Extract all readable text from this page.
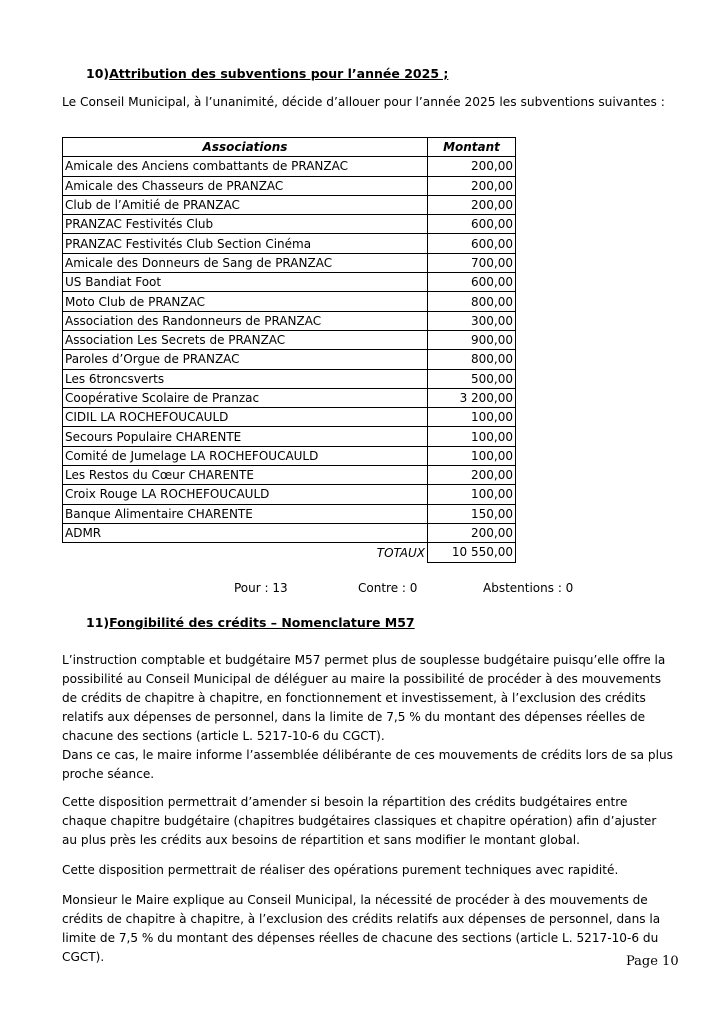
10)Attribution des subventions pour l’année 2025 ;
Le Conseil Municipal, à l’unanimité, décide d’allouer pour l’année 2025 les subventions suivantes :
Associations	Montant
Amicale des Anciens combattants de PRANZAC	200,00
Amicale des Chasseurs de PRANZAC	200,00
Club de l’Amitié de PRANZAC	200,00
PRANZAC Festivités Club	600,00
PRANZAC Festivités Club Section Cinéma	600,00
Amicale des Donneurs de Sang de PRANZAC	700,00
US Bandiat Foot	600,00
Moto Club de PRANZAC	800,00
Association des Randonneurs de PRANZAC	300,00
Association Les Secrets de PRANZAC	900,00
Paroles d’Orgue de PRANZAC	800,00
Les 6troncsverts	500,00
Coopérative Scolaire de Pranzac	3 200,00
CIDIL LA ROCHEFOUCAULD	100,00
Secours Populaire CHARENTE	100,00
Comité de Jumelage LA ROCHEFOUCAULD	100,00
Les Restos du Cœur CHARENTE	200,00
Croix Rouge LA ROCHEFOUCAULD	100,00
Banque Alimentaire CHARENTE	150,00
ADMR	200,00
TOTAUX	10 550,00
Pour : 13	Contre : 0	Abstentions : 0
11)Fongibilité des crédits – Nomenclature M57
L’instruction comptable et budgétaire M57 permet plus de souplesse budgétaire puisqu’elle offre la possibilité au Conseil Municipal de déléguer au maire la possibilité de procéder à des mouvements de crédits de chapitre à chapitre, en fonctionnement et investissement, à l’exclusion des crédits relatifs aux dépenses de personnel, dans la limite de 7,5 % du montant des dépenses réelles de chacune des sections (article L. 5217-10-6 du CGCT).
Dans ce cas, le maire informe l’assemblée délibérante de ces mouvements de crédits lors de sa plus proche séance.
Cette disposition permettrait d’amender si besoin la répartition des crédits budgétaires entre chaque chapitre budgétaire (chapitres budgétaires classiques et chapitre opération) afin d’ajuster au plus près les crédits aux besoins de répartition et sans modifier le montant global.
Cette disposition permettrait de réaliser des opérations purement techniques avec rapidité.
Monsieur le Maire explique au Conseil Municipal, la nécessité de procéder à des mouvements de crédits de chapitre à chapitre, à l’exclusion des crédits relatifs aux dépenses de personnel, dans la limite de 7,5 % du montant des dépenses réelles de chacune des sections (article L. 5217-10-6 du CGCT).	Page 10
